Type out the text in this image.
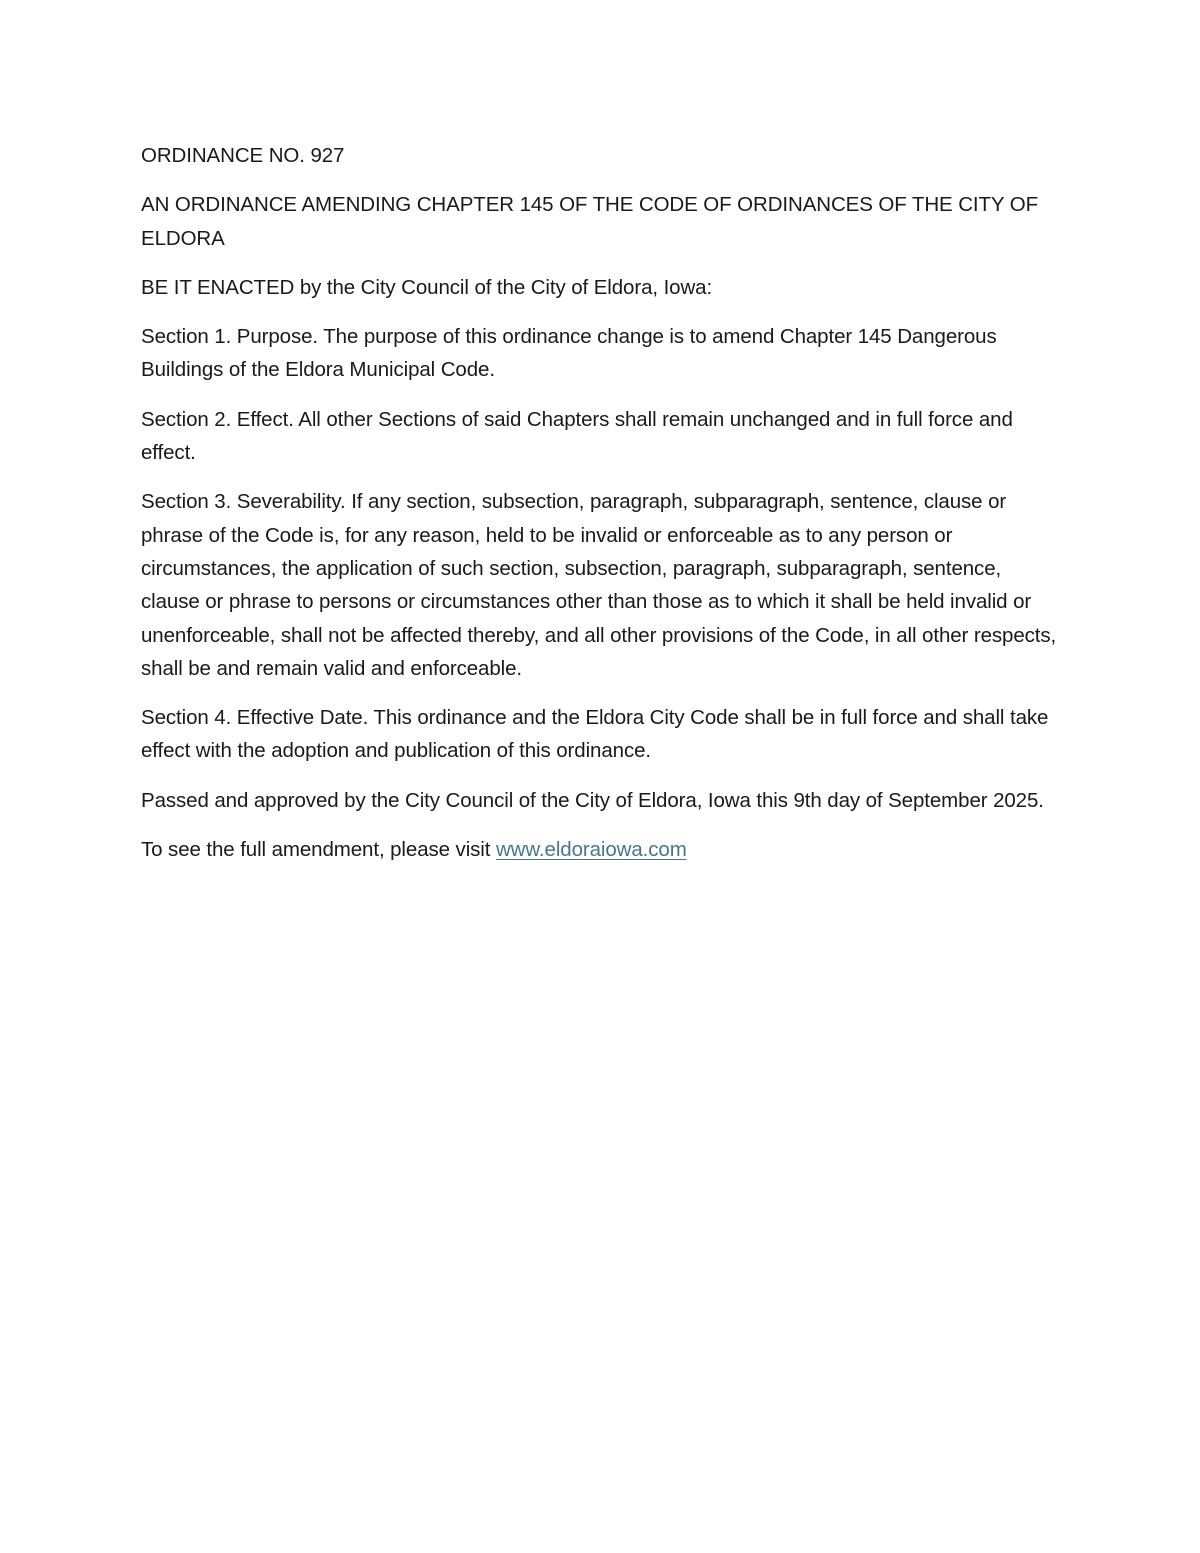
ORDINANCE NO. 927

AN ORDINANCE AMENDING CHAPTER 145 OF THE CODE OF ORDINANCES OF THE CITY OF ELDORA

BE IT ENACTED by the City Council of the City of Eldora, Iowa:

Section 1. Purpose. The purpose of this ordinance change is to amend Chapter 145 Dangerous Buildings of the Eldora Municipal Code.

Section 2. Effect. All other Sections of said Chapters shall remain unchanged and in full force and effect.

Section 3. Severability. If any section, subsection, paragraph, subparagraph, sentence, clause or phrase of the Code is, for any reason, held to be invalid or enforceable as to any person or circumstances, the application of such section, subsection, paragraph, subparagraph, sentence, clause or phrase to persons or circumstances other than those as to which it shall be held invalid or unenforceable, shall not be affected thereby, and all other provisions of the Code, in all other respects, shall be and remain valid and enforceable.

Section 4. Effective Date. This ordinance and the Eldora City Code shall be in full force and shall take effect with the adoption and publication of this ordinance.

Passed and approved by the City Council of the City of Eldora, Iowa this 9th day of September 2025.

To see the full amendment, please visit www.eldoraiowa.com
